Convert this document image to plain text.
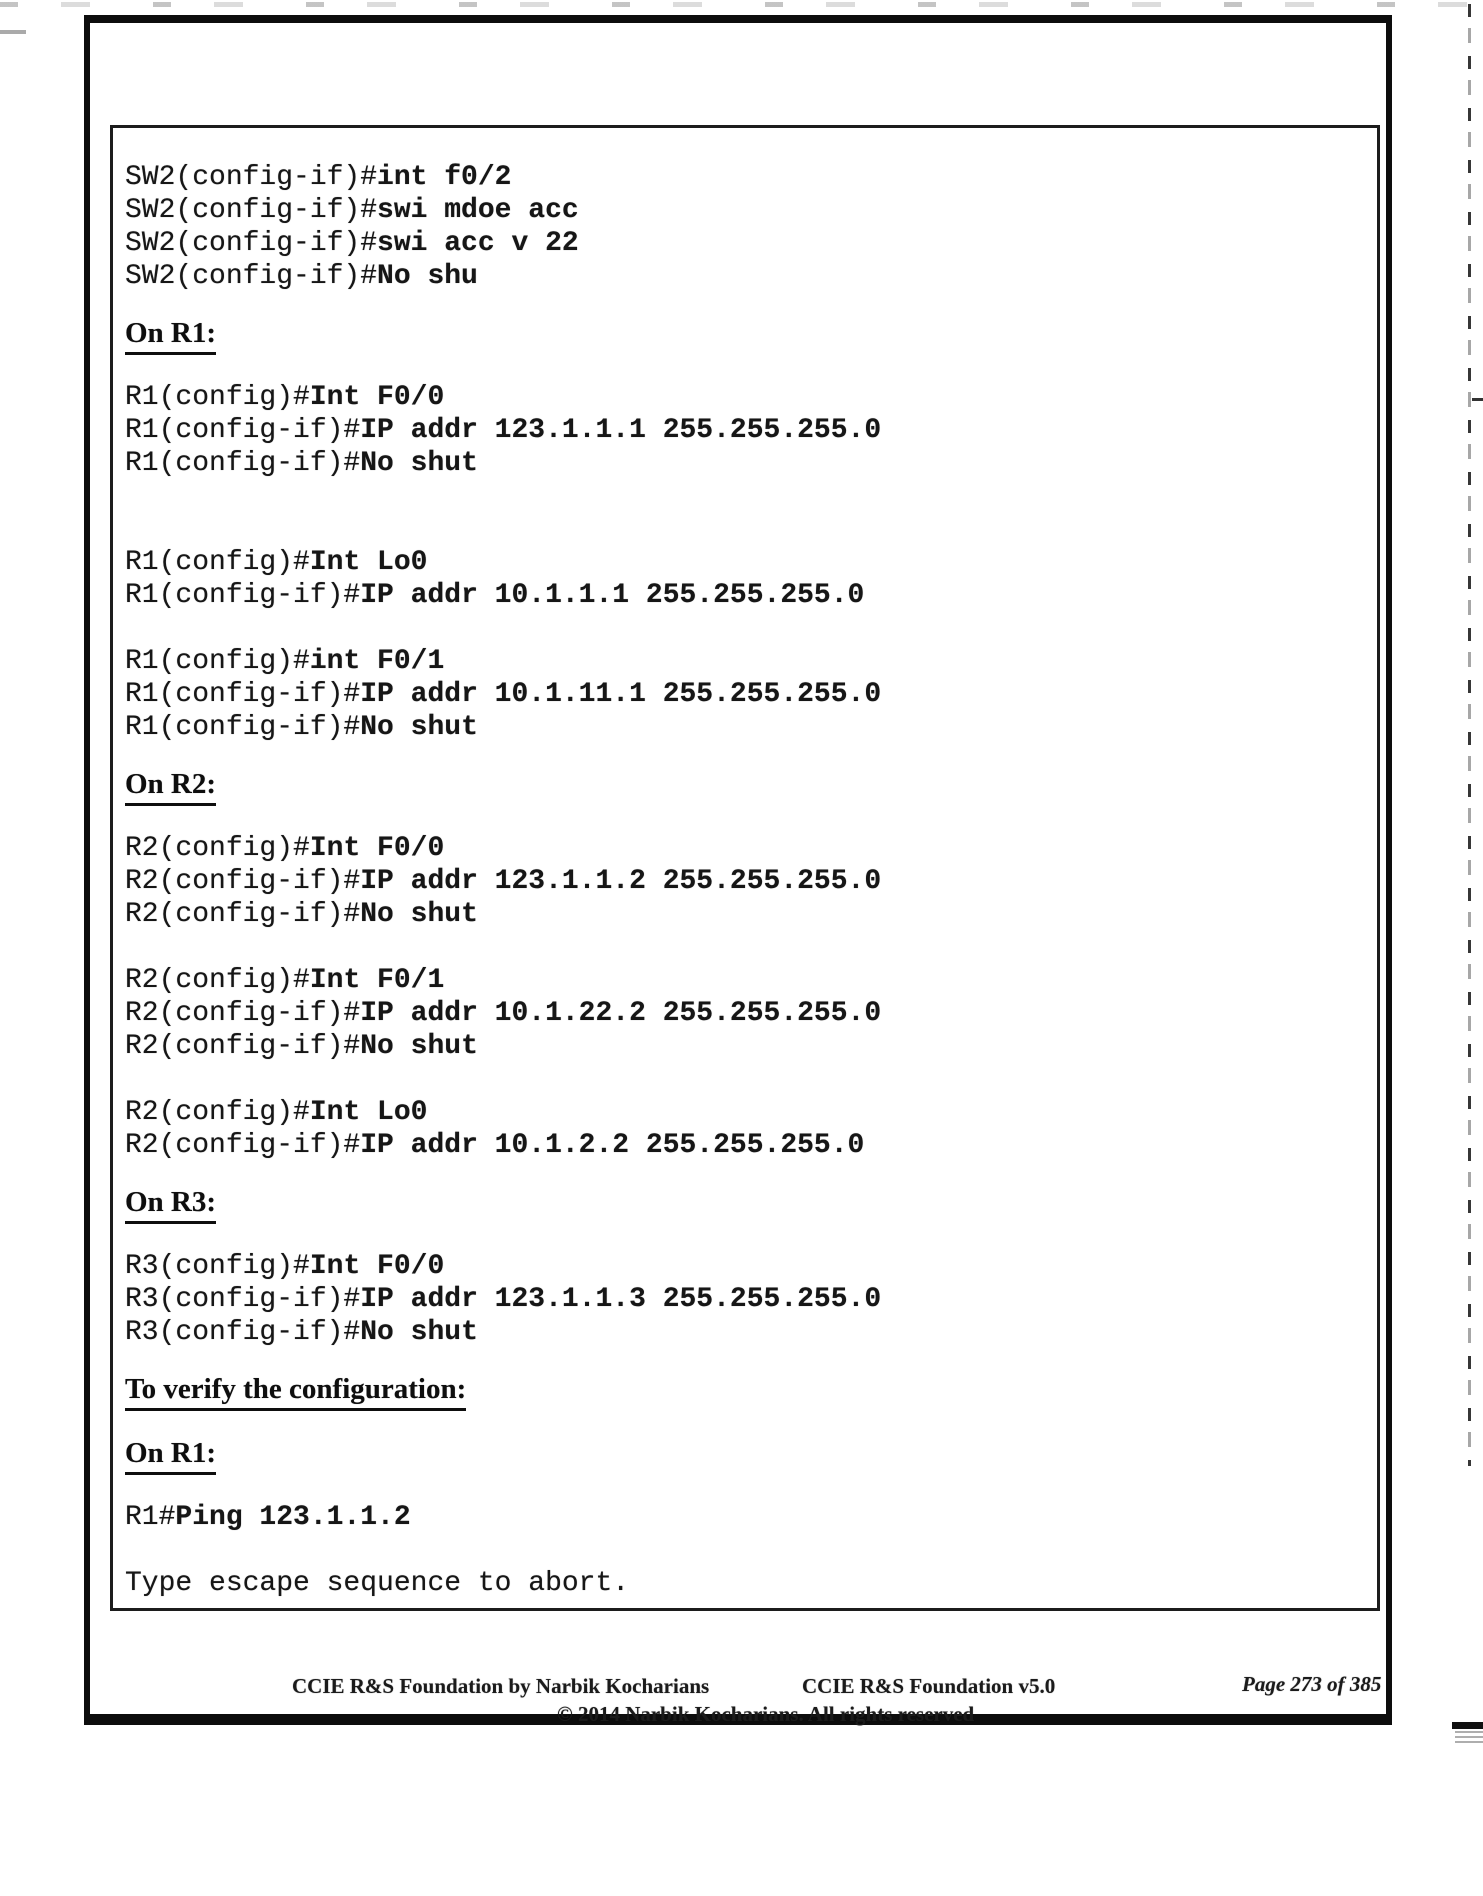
SW2(config-if)#int f0/2
SW2(config-if)#swi mdoe acc
SW2(config-if)#swi acc v 22
SW2(config-if)#No shu
On R1:
R1(config)#Int F0/0
R1(config-if)#IP addr 123.1.1.1 255.255.255.0
R1(config-if)#No shut

R1(config)#Int Lo0
R1(config-if)#IP addr 10.1.1.1 255.255.255.0

R1(config)#int F0/1
R1(config-if)#IP addr 10.1.11.1 255.255.255.0
R1(config-if)#No shut
On R2:
R2(config)#Int F0/0
R2(config-if)#IP addr 123.1.1.2 255.255.255.0
R2(config-if)#No shut

R2(config)#Int F0/1
R2(config-if)#IP addr 10.1.22.2 255.255.255.0
R2(config-if)#No shut

R2(config)#Int Lo0
R2(config-if)#IP addr 10.1.2.2 255.255.255.0
On R3:
R3(config)#Int F0/0
R3(config-if)#IP addr 123.1.1.3 255.255.255.0
R3(config-if)#No shut
To verify the configuration:
On R1:
R1#Ping 123.1.1.2

Type escape sequence to abort.
CCIE R&S Foundation by Narbik Kocharians	CCIE R&S Foundation v5.0	Page 273 of 385
© 2014 Narbik Kocharians. All rights reserved
